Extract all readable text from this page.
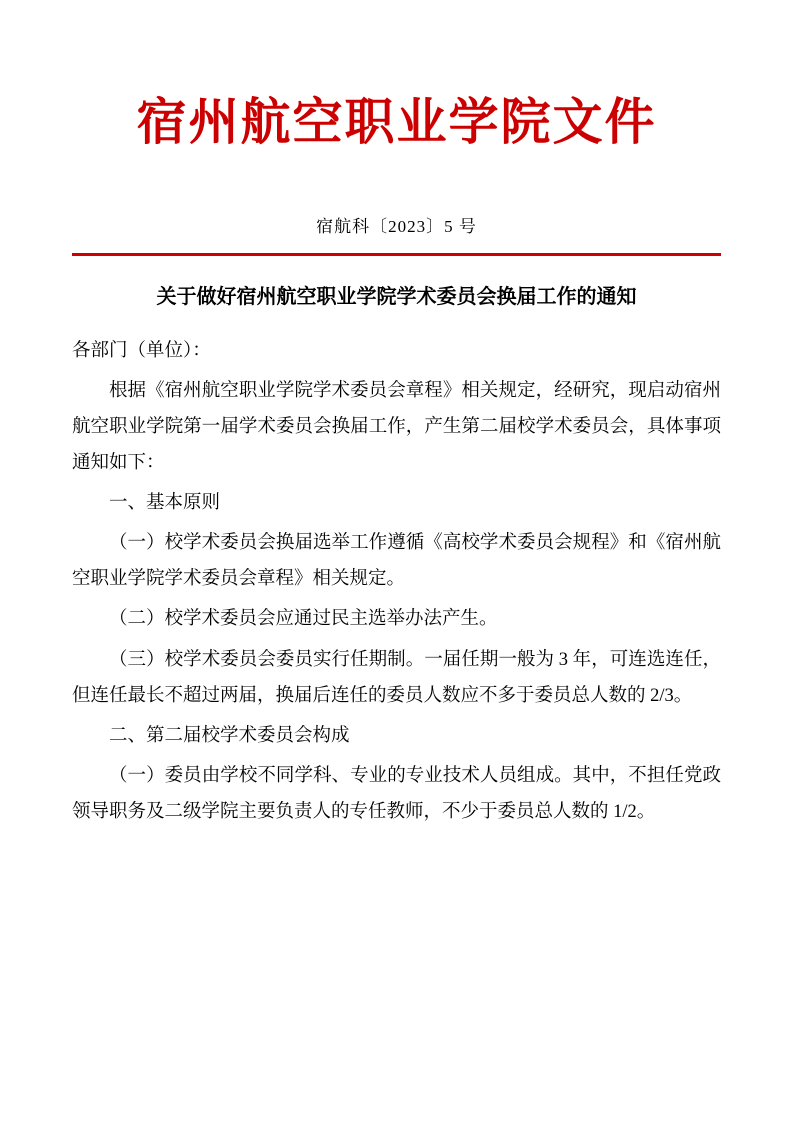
宿州航空职业学院文件
宿航科〔2023〕5 号
关于做好宿州航空职业学院学术委员会换届工作的通知

各部门（单位）：

根据《宿州航空职业学院学术委员会章程》相关规定，经研究，现启动宿州航空职业学院第一届学术委员会换届工作，产生第二届校学术委员会，具体事项通知如下：

一、基本原则

（一）校学术委员会换届选举工作遵循《高校学术委员会规程》和《宿州航空职业学院学术委员会章程》相关规定。

（二）校学术委员会应通过民主选举办法产生。

（三）校学术委员会委员实行任期制。一届任期一般为 3 年，可连选连任，但连任最长不超过两届，换届后连任的委员人数应不多于委员总人数的 2/3。

二、第二届校学术委员会构成

（一）委员由学校不同学科、专业的专业技术人员组成。其中，不担任党政领导职务及二级学院主要负责人的专任教师，不少于委员总人数的 1/2。
